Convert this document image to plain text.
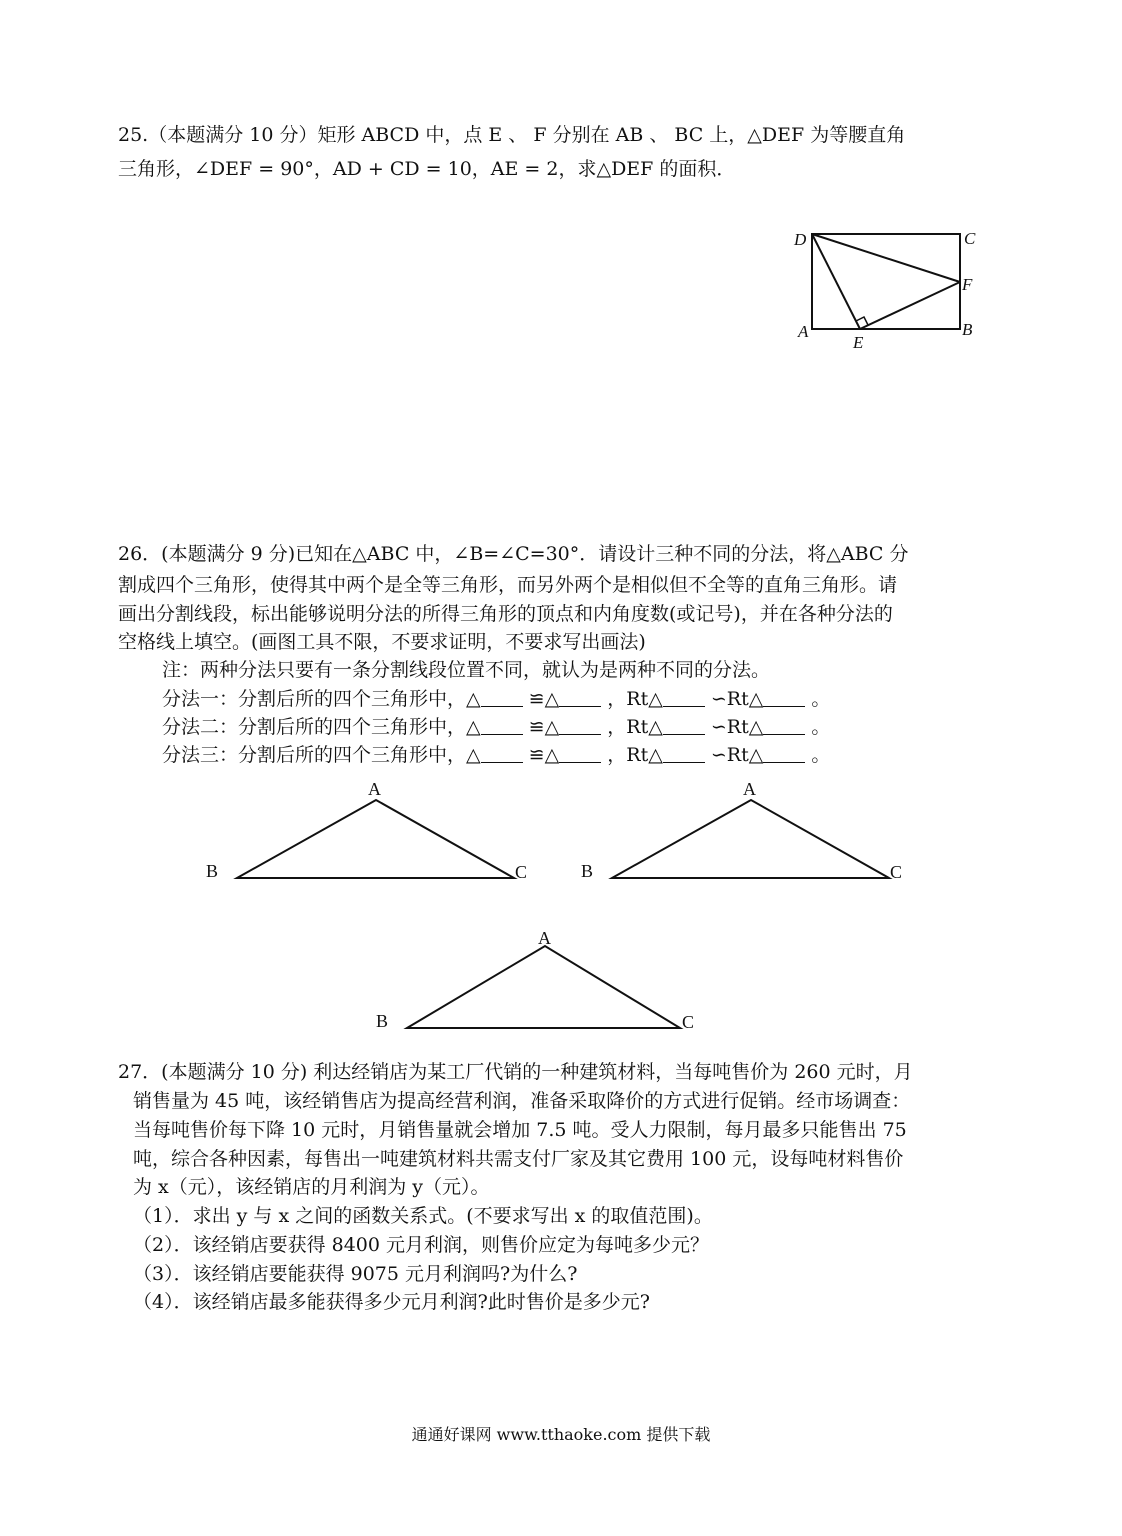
25.（本题满分 10 分）矩形 ABCD 中，点 E 、 F 分别在 AB 、 BC 上，△DEF 为等腰直角
三角形，∠DEF = 90°，AD + CD = 10，AE = 2，求△DEF 的面积．
D	C
F
A
E
B
26．(本题满分 9 分)已知在△ABC 中，∠B=∠C=30°．请设计三种不同的分法，将△ABC 分
割成四个三角形，使得其中两个是全等三角形，而另外两个是相似但不全等的直角三角形。请
画出分割线段，标出能够说明分法的所得三角形的顶点和内角度数(或记号)，并在各种分法的
空格线上填空。(画图工具不限，不要求证明，不要求写出画法)
注：两种分法只要有一条分割线段位置不同，就认为是两种不同的分法。
分法一：分割后所的四个三角形中，△	≌△	，Rt△	∽Rt△	。
分法二：分割后所的四个三角形中，△	≌△	，Rt△	∽Rt△	。
分法三：分割后所的四个三角形中，△	≌△	，Rt△	∽Rt△	。
A
B	C
A
B	C
A
B	C
27．(本题满分 10 分) 利达经销店为某工厂代销的一种建筑材料，当每吨售价为 260 元时，月
销售量为 45 吨，该经销售店为提高经营利润，准备采取降价的方式进行促销。经市场调查：
当每吨售价每下降 10 元时，月销售量就会增加 7.5 吨。受人力限制，每月最多只能售出 75
吨，综合各种因素，每售出一吨建筑材料共需支付厂家及其它费用 100 元，设每吨材料售价
为 x（元），该经销店的月利润为 y（元）。
（1）．求出 y 与 x 之间的函数关系式。(不要求写出 x 的取值范围)。
（2）．该经销店要获得 8400 元月利润，则售价应定为每吨多少元？
（3）．该经销店要能获得 9075 元月利润吗?为什么?
（4）．该经销店最多能获得多少元月利润?此时售价是多少元?
通通好课网 www.tthaoke.com 提供下载
